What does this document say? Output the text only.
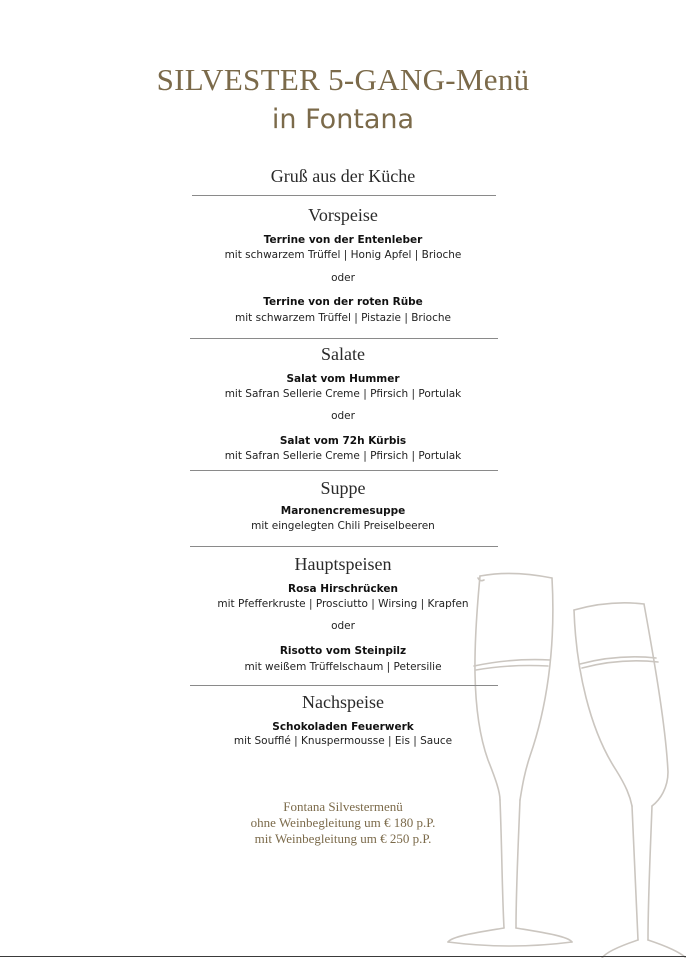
SILVESTER 5-GANG-Menü
in Fontana
Gruß aus der Küche
Vorspeise
Terrine von der Entenleber
mit schwarzem Trüffel | Honig Apfel | Brioche
oder
Terrine von der roten Rübe
mit schwarzem Trüffel | Pistazie | Brioche
Salate
Salat vom Hummer
mit Safran Sellerie Creme | Pfirsich | Portulak
oder
Salat vom 72h Kürbis
mit Safran Sellerie Creme | Pfirsich | Portulak
Suppe
Maronencremesuppe
mit eingelegten Chili Preiselbeeren
Hauptspeisen
Rosa Hirschrücken
mit Pfefferkruste | Prosciutto | Wirsing | Krapfen
oder
Risotto vom Steinpilz
mit weißem Trüffelschaum | Petersilie
Nachspeise
Schokoladen Feuerwerk
mit Soufflé | Knuspermousse | Eis | Sauce
Fontana Silvestermenü
ohne Weinbegleitung um € 180 p.P.
mit Weinbegleitung um € 250 p.P.
